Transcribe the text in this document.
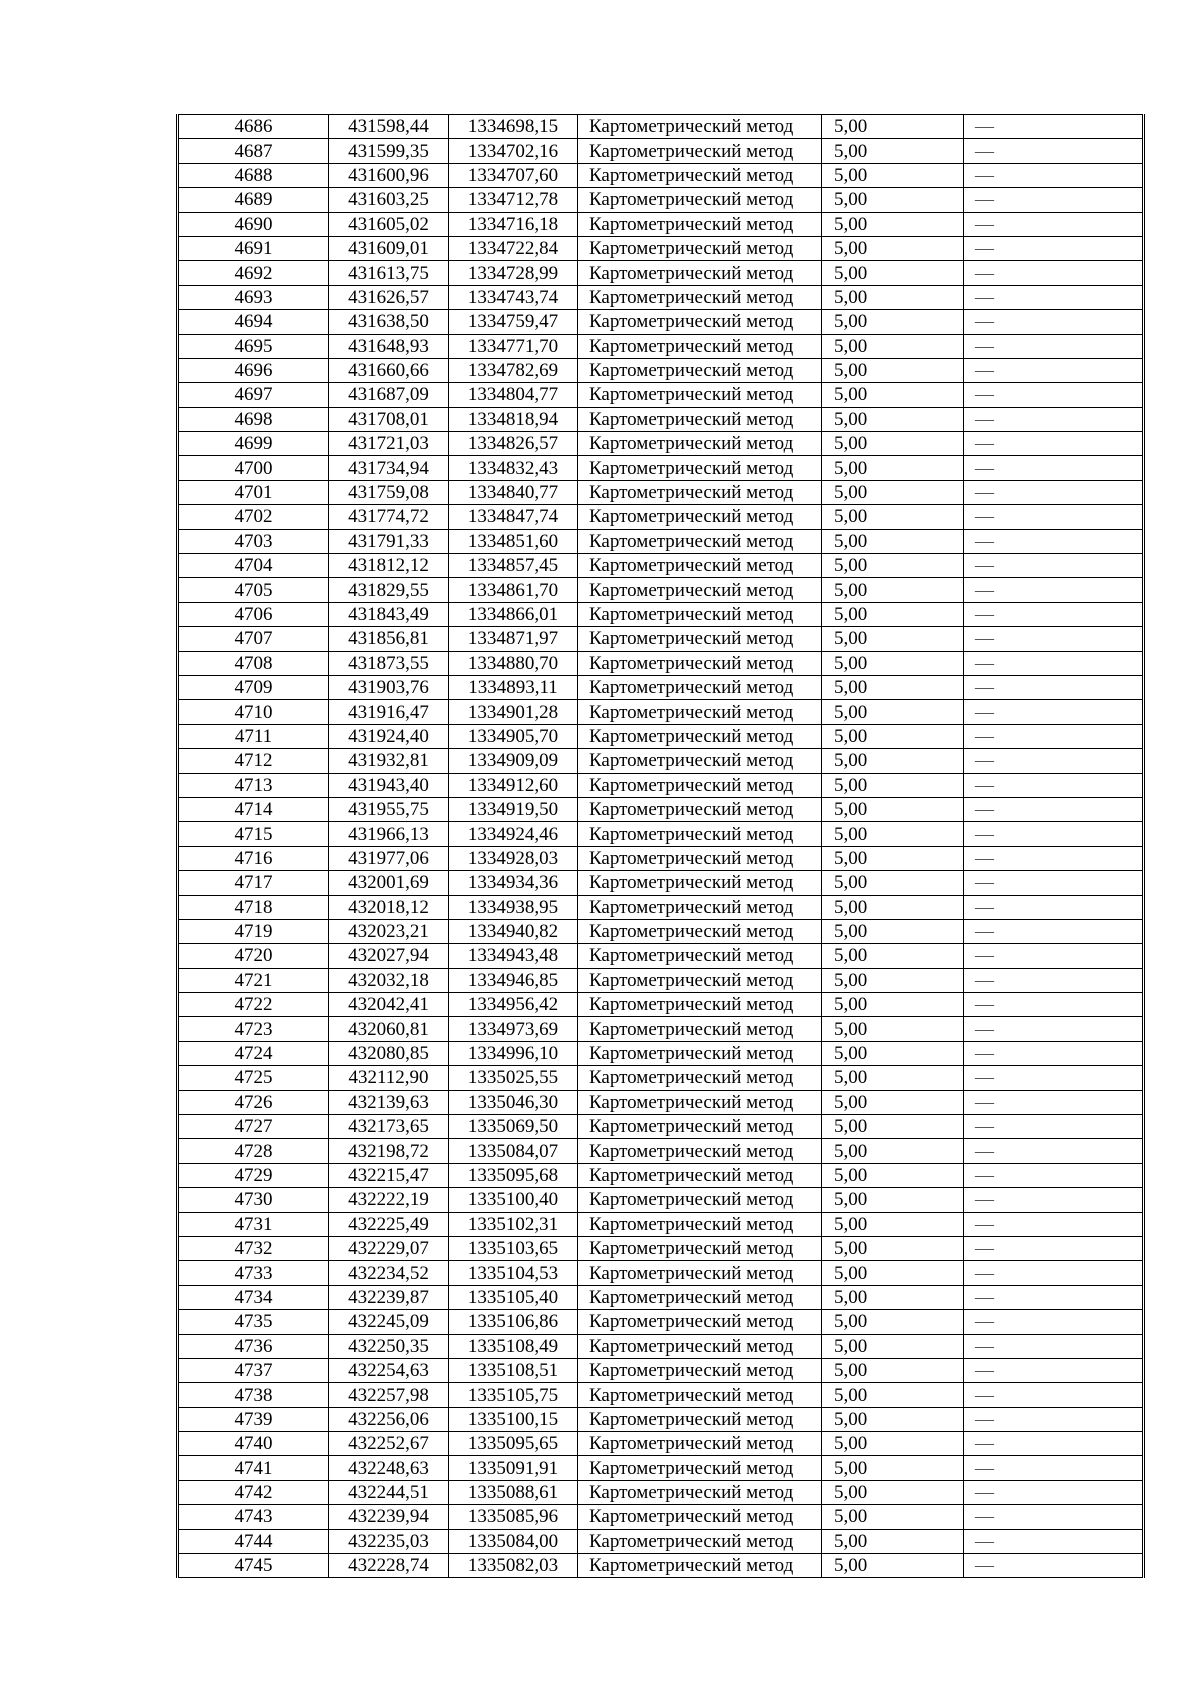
4686	431598,44	1334698,15	Картометрический метод	5,00	—
4687	431599,35	1334702,16	Картометрический метод	5,00	—
4688	431600,96	1334707,60	Картометрический метод	5,00	—
4689	431603,25	1334712,78	Картометрический метод	5,00	—
4690	431605,02	1334716,18	Картометрический метод	5,00	—
4691	431609,01	1334722,84	Картометрический метод	5,00	—
4692	431613,75	1334728,99	Картометрический метод	5,00	—
4693	431626,57	1334743,74	Картометрический метод	5,00	—
4694	431638,50	1334759,47	Картометрический метод	5,00	—
4695	431648,93	1334771,70	Картометрический метод	5,00	—
4696	431660,66	1334782,69	Картометрический метод	5,00	—
4697	431687,09	1334804,77	Картометрический метод	5,00	—
4698	431708,01	1334818,94	Картометрический метод	5,00	—
4699	431721,03	1334826,57	Картометрический метод	5,00	—
4700	431734,94	1334832,43	Картометрический метод	5,00	—
4701	431759,08	1334840,77	Картометрический метод	5,00	—
4702	431774,72	1334847,74	Картометрический метод	5,00	—
4703	431791,33	1334851,60	Картометрический метод	5,00	—
4704	431812,12	1334857,45	Картометрический метод	5,00	—
4705	431829,55	1334861,70	Картометрический метод	5,00	—
4706	431843,49	1334866,01	Картометрический метод	5,00	—
4707	431856,81	1334871,97	Картометрический метод	5,00	—
4708	431873,55	1334880,70	Картометрический метод	5,00	—
4709	431903,76	1334893,11	Картометрический метод	5,00	—
4710	431916,47	1334901,28	Картометрический метод	5,00	—
4711	431924,40	1334905,70	Картометрический метод	5,00	—
4712	431932,81	1334909,09	Картометрический метод	5,00	—
4713	431943,40	1334912,60	Картометрический метод	5,00	—
4714	431955,75	1334919,50	Картометрический метод	5,00	—
4715	431966,13	1334924,46	Картометрический метод	5,00	—
4716	431977,06	1334928,03	Картометрический метод	5,00	—
4717	432001,69	1334934,36	Картометрический метод	5,00	—
4718	432018,12	1334938,95	Картометрический метод	5,00	—
4719	432023,21	1334940,82	Картометрический метод	5,00	—
4720	432027,94	1334943,48	Картометрический метод	5,00	—
4721	432032,18	1334946,85	Картометрический метод	5,00	—
4722	432042,41	1334956,42	Картометрический метод	5,00	—
4723	432060,81	1334973,69	Картометрический метод	5,00	—
4724	432080,85	1334996,10	Картометрический метод	5,00	—
4725	432112,90	1335025,55	Картометрический метод	5,00	—
4726	432139,63	1335046,30	Картометрический метод	5,00	—
4727	432173,65	1335069,50	Картометрический метод	5,00	—
4728	432198,72	1335084,07	Картометрический метод	5,00	—
4729	432215,47	1335095,68	Картометрический метод	5,00	—
4730	432222,19	1335100,40	Картометрический метод	5,00	—
4731	432225,49	1335102,31	Картометрический метод	5,00	—
4732	432229,07	1335103,65	Картометрический метод	5,00	—
4733	432234,52	1335104,53	Картометрический метод	5,00	—
4734	432239,87	1335105,40	Картометрический метод	5,00	—
4735	432245,09	1335106,86	Картометрический метод	5,00	—
4736	432250,35	1335108,49	Картометрический метод	5,00	—
4737	432254,63	1335108,51	Картометрический метод	5,00	—
4738	432257,98	1335105,75	Картометрический метод	5,00	—
4739	432256,06	1335100,15	Картометрический метод	5,00	—
4740	432252,67	1335095,65	Картометрический метод	5,00	—
4741	432248,63	1335091,91	Картометрический метод	5,00	—
4742	432244,51	1335088,61	Картометрический метод	5,00	—
4743	432239,94	1335085,96	Картометрический метод	5,00	—
4744	432235,03	1335084,00	Картометрический метод	5,00	—
4745	432228,74	1335082,03	Картометрический метод	5,00	—
